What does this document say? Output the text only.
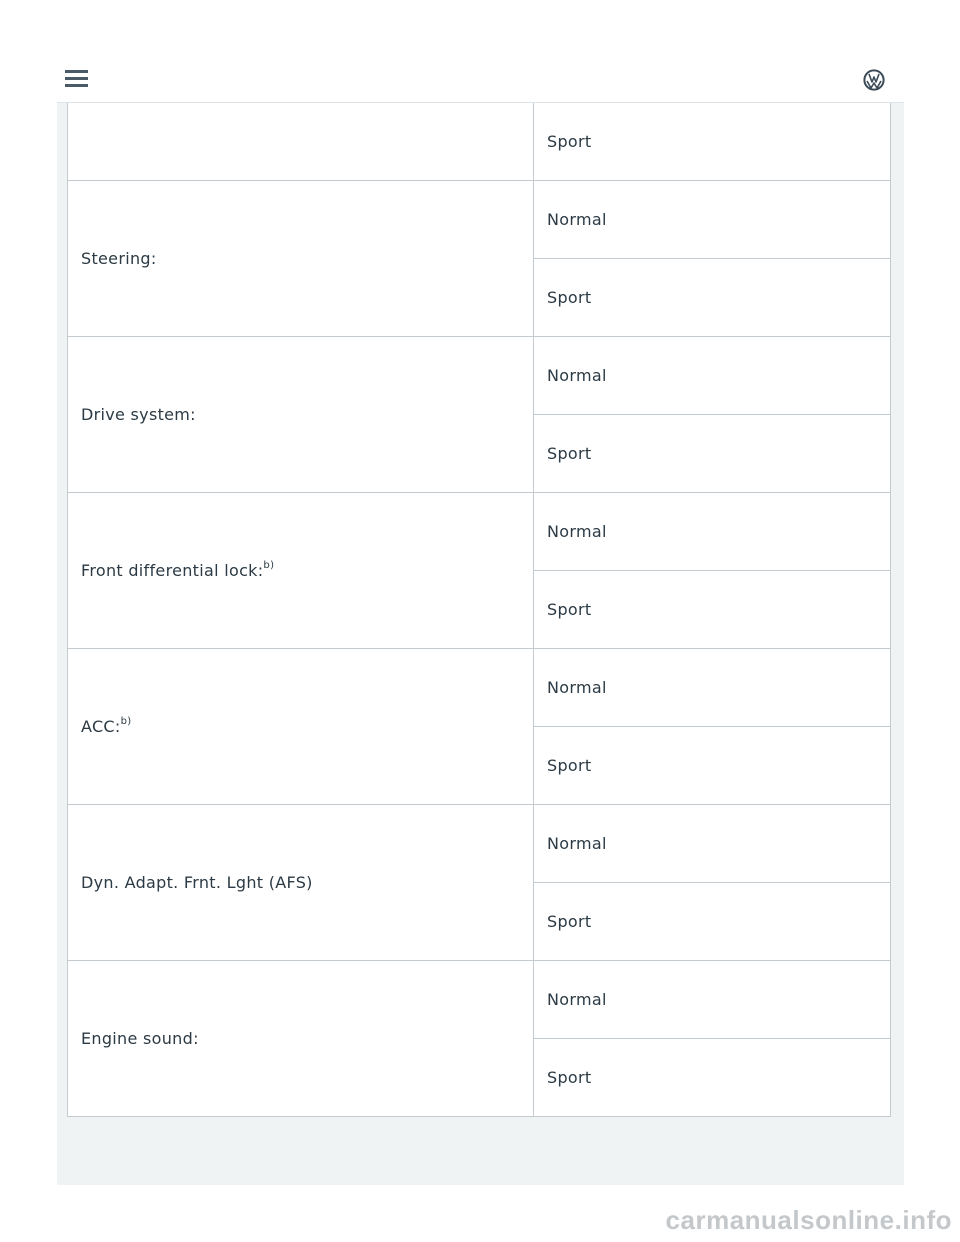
	Sport
Steering:	Normal
	Sport
Drive system:	Normal
	Sport
Front differential lock:$^{b)}$	Normal
	Sport
ACC:$^{b)}$	Normal
	Sport
Dyn. Adapt. Frnt. Lght (AFS)	Normal
	Sport
Engine sound:	Normal
	Sport
carmanualsonline.info
